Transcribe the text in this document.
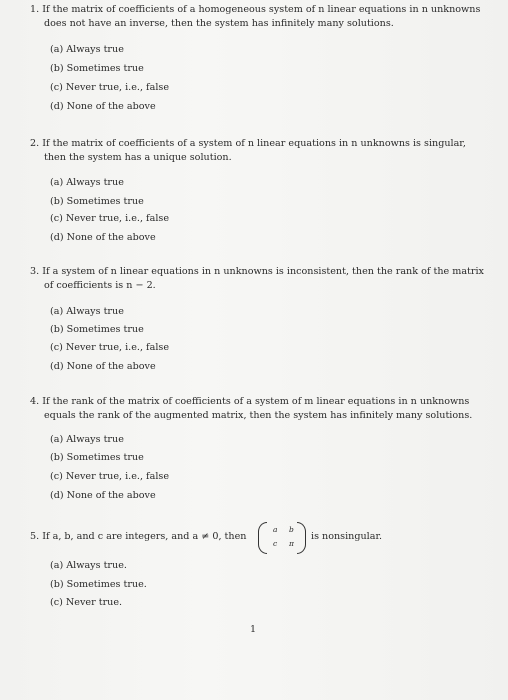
1. If the matrix of coefficients of a homogeneous system of n linear equations in n unknowns
does not have an inverse, then the system has infinitely many solutions.
(a) Always true
(b) Sometimes true
(c) Never true, i.e., false
(d) None of the above
2. If the matrix of coefficients of a system of n linear equations in n unknowns is singular,
then the system has a unique solution.
(a) Always true
(b) Sometimes true
(c) Never true, i.e., false
(d) None of the above
3. If a system of n linear equations in n unknowns is inconsistent, then the rank of the matrix
of coefficients is n − 2.
(a) Always true
(b) Sometimes true
(c) Never true, i.e., false
(d) None of the above
4. If the rank of the matrix of coefficients of a system of m linear equations in n unknowns
equals the rank of the augmented matrix, then the system has infinitely many solutions.
(a) Always true
(b) Sometimes true
(c) Never true, i.e., false
(d) None of the above
5. If a, b, and c are integers, and a ≠ 0, then
a b
c π
is nonsingular.
(a) Always true.
(b) Sometimes true.
(c) Never true.
1
